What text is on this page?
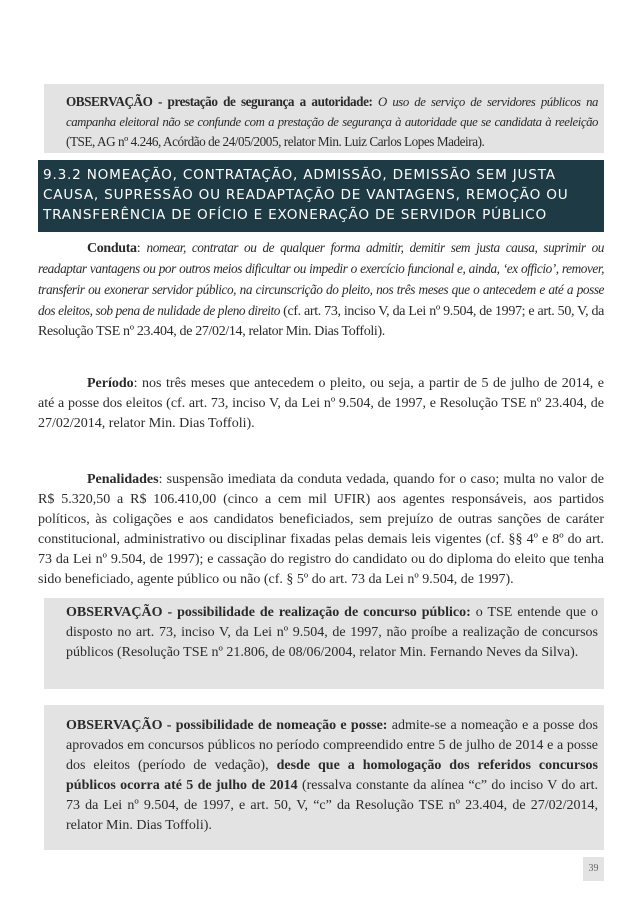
OBSERVAÇÃO - prestação de segurança a autoridade: O uso de serviço de servidores públicos na campanha eleitoral não se confunde com a prestação de segurança à autoridade que se candidata à reeleição (TSE, AG nº 4.246, Acórdão de 24/05/2005, relator Min. Luiz Carlos Lopes Madeira).
9.3.2 NOMEAÇÃO, CONTRATAÇÃO, ADMISSÃO, DEMISSÃO SEM JUSTA CAUSA, SUPRESSÃO OU READAPTAÇÃO DE VANTAGENS, REMOÇÃO OU TRANSFERÊNCIA DE OFÍCIO E EXONERAÇÃO DE SERVIDOR PÚBLICO

Conduta: nomear, contratar ou de qualquer forma admitir, demitir sem justa causa, suprimir ou readaptar vantagens ou por outros meios dificultar ou impedir o exercício funcional e, ainda, ‘ex officio’, remover, transferir ou exonerar servidor público, na circunscrição do pleito, nos três meses que o antecedem e até a posse dos eleitos, sob pena de nulidade de pleno direito (cf. art. 73, inciso V, da Lei nº 9.504, de 1997; e art. 50, V, da Resolução TSE nº 23.404, de 27/02/14, relator Min. Dias Toffoli).

Período: nos três meses que antecedem o pleito, ou seja, a partir de 5 de julho de 2014, e até a posse dos eleitos (cf. art. 73, inciso V, da Lei nº 9.504, de 1997, e Resolução TSE nº 23.404, de 27/02/2014, relator Min. Dias Toffoli).

Penalidades: suspensão imediata da conduta vedada, quando for o caso; multa no valor de R$ 5.320,50 a R$ 106.410,00 (cinco a cem mil UFIR) aos agentes responsáveis, aos partidos políticos, às coligações e aos candidatos beneficiados, sem prejuízo de outras sanções de caráter constitucional, administrativo ou disciplinar fixadas pelas demais leis vigentes (cf. §§ 4º e 8º do art. 73 da Lei nº 9.504, de 1997); e cassação do registro do candidato ou do diploma do eleito que tenha sido beneficiado, agente público ou não (cf. § 5º do art. 73 da Lei nº 9.504, de 1997).

OBSERVAÇÃO - possibilidade de realização de concurso público: o TSE entende que o disposto no art. 73, inciso V, da Lei nº 9.504, de 1997, não proíbe a realização de concursos públicos (Resolução TSE nº 21.806, de 08/06/2004, relator Min. Fernando Neves da Silva).
OBSERVAÇÃO - possibilidade de nomeação e posse: admite-se a nomeação e a posse dos aprovados em concursos públicos no período compreendido entre 5 de julho de 2014 e a posse dos eleitos (período de vedação), desde que a homologação dos referidos concursos públicos ocorra até 5 de julho de 2014 (ressalva constante da alínea “c” do inciso V do art. 73 da Lei nº 9.504, de 1997, e art. 50, V, “c” da Resolução TSE nº 23.404, de 27/02/2014, relator Min. Dias Toffoli).
39
